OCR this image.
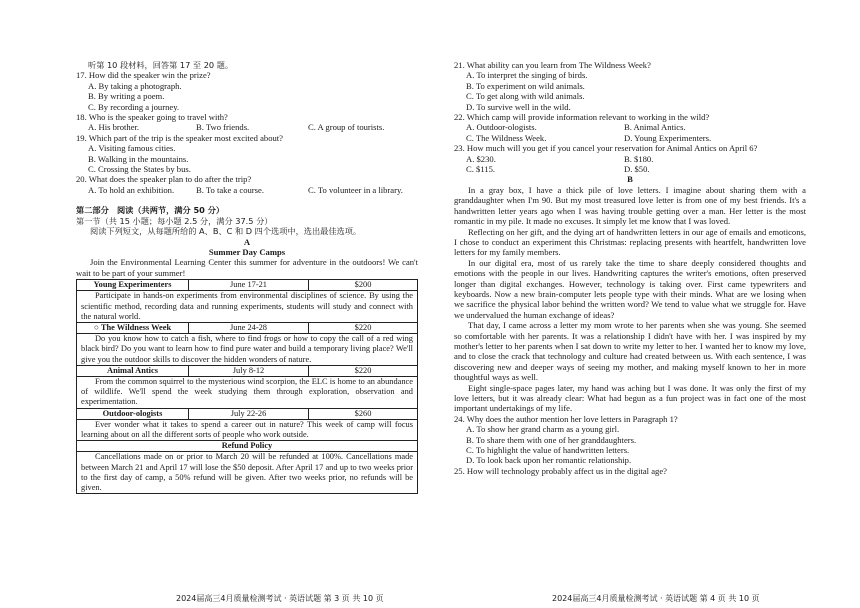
听第 10 段材料，回答第 17 至 20 题。
17. How did the speaker win the prize?
A. By taking a photograph.
B. By writing a poem.
C. By recording a journey.
18. Who is the speaker going to travel with?
A. His brother.	B. Two friends.	C. A group of tourists.
19. Which part of the trip is the speaker most excited about?
A. Visiting famous cities.
B. Walking in the mountains.
C. Crossing the States by bus.
20. What does the speaker plan to do after the trip?
A. To hold an exhibition.	B. To take a course.	C. To volunteer in a library.
第二部分　阅读（共两节，满分 50 分）
第一节（共 15 小题；每小题 2.5 分，满分 37.5 分）
阅读下列短文，从每题所给的 A、B、C 和 D 四个选项中，选出最佳选项。
A
Summer Day Camps
Join the Environmental Learning Center this summer for adventure in the outdoors! We can't wait to be part of your summer!
Young Experimenters	June 17-21	$200
Participate in hands-on experiments from environmental disciplines of science. By using the scientific method, recording data and running experiments, students will study and connect with the natural world.		
○ The Wildness Week	June 24-28	$220
Do you know how to catch a fish, where to find frogs or how to copy the call of a red wing black bird? Do you want to learn how to find pure water and build a temporary living place? We'll give you the outdoor skills to discover the hidden wonders of nature.		
Animal Antics	July 8-12	$220
From the common squirrel to the mysterious wind scorpion, the ELC is home to an abundance of wildlife. We'll spend the week studying them through exploration, observation and experimentation.		
Outdoor-ologists	July 22-26	$260
Ever wonder what it takes to spend a career out in nature? This week of camp will focus learning about on all the different sorts of people who work outside.		
Refund Policy		
Cancellations made on or prior to March 20 will be refunded at 100%. Cancellations made between March 21 and April 17 will lose the $50 deposit. After April 17 and up to two weeks prior to the first day of camp, a 50% refund will be given. After two weeks prior, no refunds will be given.		
21. What ability can you learn from The Wildness Week?
A. To interpret the singing of birds.
B. To experiment on wild animals.
C. To get along with wild animals.
D. To survive well in the wild.
22. Which camp will provide information relevant to working in the wild?
A. Outdoor-ologists.	B. Animal Antics.
C. The Wildness Week.	D. Young Experimenters.
23. How much will you get if you cancel your reservation for Animal Antics on April 6?
A. $230.	B. $180.
C. $115.	D. $50.
B
In a gray box, I have a thick pile of love letters. I imagine about sharing them with a granddaughter when I'm 90. But my most treasured love letter is from one of my best friends. It's a handwritten letter years ago when I was having trouble getting over a man. Her letter is the most romantic in my pile. It made no excuses. It simply let me know that I was loved.
Reflecting on her gift, and the dying art of handwritten letters in our age of emails and emoticons, I chose to conduct an experiment this Christmas: replacing presents with heartfelt, handwritten love letters for my family members.
In our digital era, most of us rarely take the time to share deeply considered thoughts and emotions with the people in our lives. Handwriting captures the writer's emotions, often preserved longer than digital exchanges. However, technology is taking over. First came typewriters and keyboards. Now a new brain-computer lets people type with their minds. What are we losing when we sacrifice the physical labor behind the written word? We tend to value what we struggle for. Have we undervalued the human exchange of ideas?
That day, I came across a letter my mom wrote to her parents when she was young. She seemed so comfortable with her parents. It was a relationship I didn't have with her. I was inspired by my mother's letter to her parents when I sat down to write my letter to her. I wanted her to know my love, and to close the crack that technology and culture had created between us. With each sentence, I was discovering new and deeper ways of seeing my mother, and making myself known to her in more thoughtful ways as well.
Eight single-space pages later, my hand was aching but I was done. It was only the first of my love letters, but it was already clear: What had begun as a fun project was in fact one of the most important undertakings of my life.
24. Why does the author mention her love letters in Paragraph 1?
A. To show her grand charm as a young girl.
B. To share them with one of her granddaughters.
C. To highlight the value of handwritten letters.
D. To look back upon her romantic relationship.
25. How will technology probably affect us in the digital age?
2024届高三4月质量检测考试 · 英语试题 第 3 页 共 10 页	2024届高三4月质量检测考试 · 英语试题 第 4 页 共 10 页
